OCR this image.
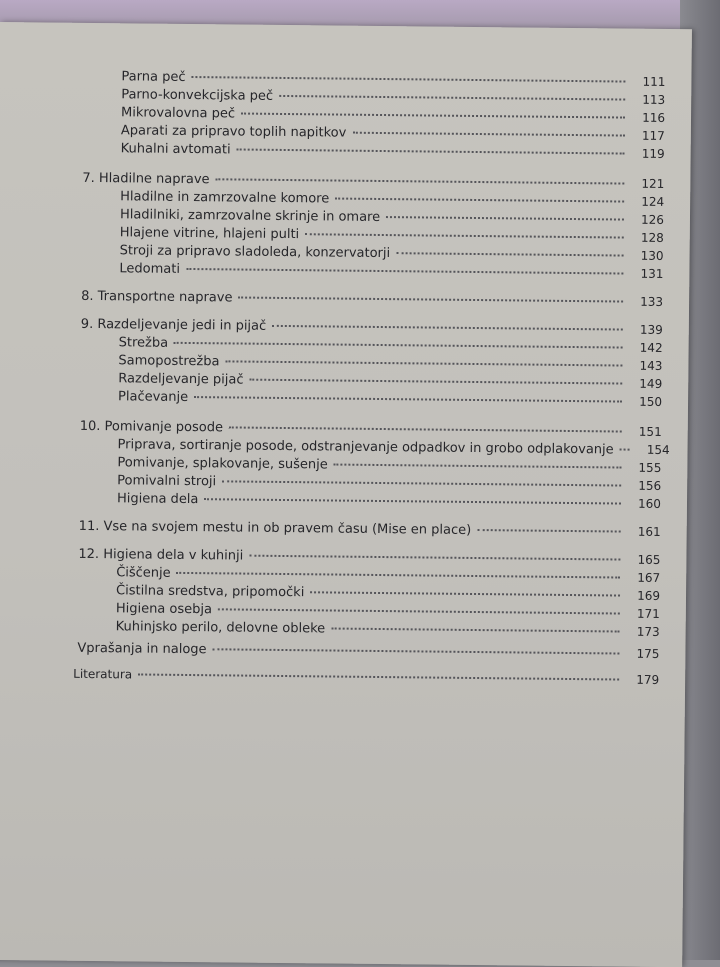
Parna peč	111
Parno-konvekcijska peč	113
Mikrovalovna peč	116
Aparati za pripravo toplih napitkov	117
Kuhalni avtomati	119
7. Hladilne naprave	121
Hladilne in zamrzovalne komore	124
Hladilniki, zamrzovalne skrinje in omare	126
Hlajene vitrine, hlajeni pulti	128
Stroji za pripravo sladoleda, konzervatorji	130
Ledomati	131
8. Transportne naprave	133
9. Razdeljevanje jedi in pijač	139
Strežba	142
Samopostrežba	143
Razdeljevanje pijač	149
Plačevanje	150
10. Pomivanje posode	151
Priprava, sortiranje posode, odstranjevanje odpadkov in grobo odplakovanje	154
Pomivanje, splakovanje, sušenje	155
Pomivalni stroji	156
Higiena dela	160
11. Vse na svojem mestu in ob pravem času (Mise en place)	161
12. Higiena dela v kuhinji	165
Čiščenje	167
Čistilna sredstva, pripomočki	169
Higiena osebja	171
Kuhinjsko perilo, delovne obleke	173
Vprašanja in naloge	175
Literatura	179
